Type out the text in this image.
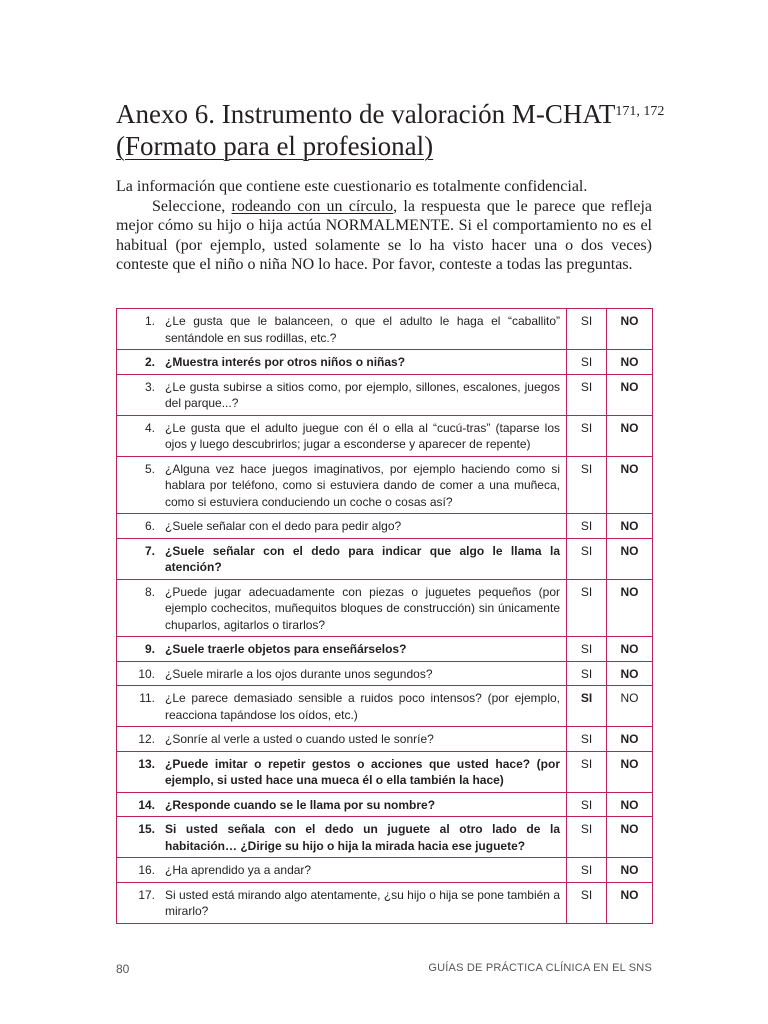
Anexo 6. Instrumento de valoración M-CHAT$^{171, 172}$
(Formato para el profesional)

La información que contiene este cuestionario es totalmente confidencial.

Seleccione, rodeando con un círculo, la respuesta que le parece que refleja mejor cómo su hijo o hija actúa NORMALMENTE. Si el comportamiento no es el habitual (por ejemplo, usted solamente se lo ha visto hacer una o dos veces) conteste que el niño o niña NO lo hace. Por favor, conteste a todas las preguntas.

1. ¿Le gusta que le balanceen, o que el adulto le haga el “caballito” sentándole en sus rodillas, etc.?	SI	NO

2. ¿Muestra interés por otros niños o niñas?	SI	NO

3. ¿Le gusta subirse a sitios como, por ejemplo, sillones, escalones, juegos del parque...?	SI	NO

4. ¿Le gusta que el adulto juegue con él o ella al “cucú-tras” (taparse los ojos y luego descubrirlos; jugar a esconderse y aparecer de repente)	SI	NO

5. ¿Alguna vez hace juegos imaginativos, por ejemplo haciendo como si hablara por teléfono, como si estuviera dando de comer a una muñeca, como si estuviera conduciendo un coche o cosas así?	SI	NO

6. ¿Suele señalar con el dedo para pedir algo?	SI	NO

7. ¿Suele señalar con el dedo para indicar que algo le llama la atención?	SI	NO

8. ¿Puede jugar adecuadamente con piezas o juguetes pequeños (por ejemplo cochecitos, muñequitos bloques de construcción) sin únicamente chuparlos, agitarlos o tirarlos?	SI	NO

9. ¿Suele traerle objetos para enseñárselos?	SI	NO

10. ¿Suele mirarle a los ojos durante unos segundos?	SI	NO

11. ¿Le parece demasiado sensible a ruidos poco intensos? (por ejemplo, reacciona tapándose los oídos, etc.)	SI	NO

12. ¿Sonríe al verle a usted o cuando usted le sonríe?	SI	NO

13. ¿Puede imitar o repetir gestos o acciones que usted hace? (por ejemplo, si usted hace una mueca él o ella también la hace)	SI	NO

14. ¿Responde cuando se le llama por su nombre?	SI	NO

15. Si usted señala con el dedo un juguete al otro lado de la habitación… ¿Dirige su hijo o hija la mirada hacia ese juguete?	SI	NO

16. ¿Ha aprendido ya a andar?	SI	NO

17. Si usted está mirando algo atentamente, ¿su hijo o hija se pone también a mirarlo?	SI	NO
80	GUÍAS DE PRÁCTICA CLÍNICA EN EL SNS
